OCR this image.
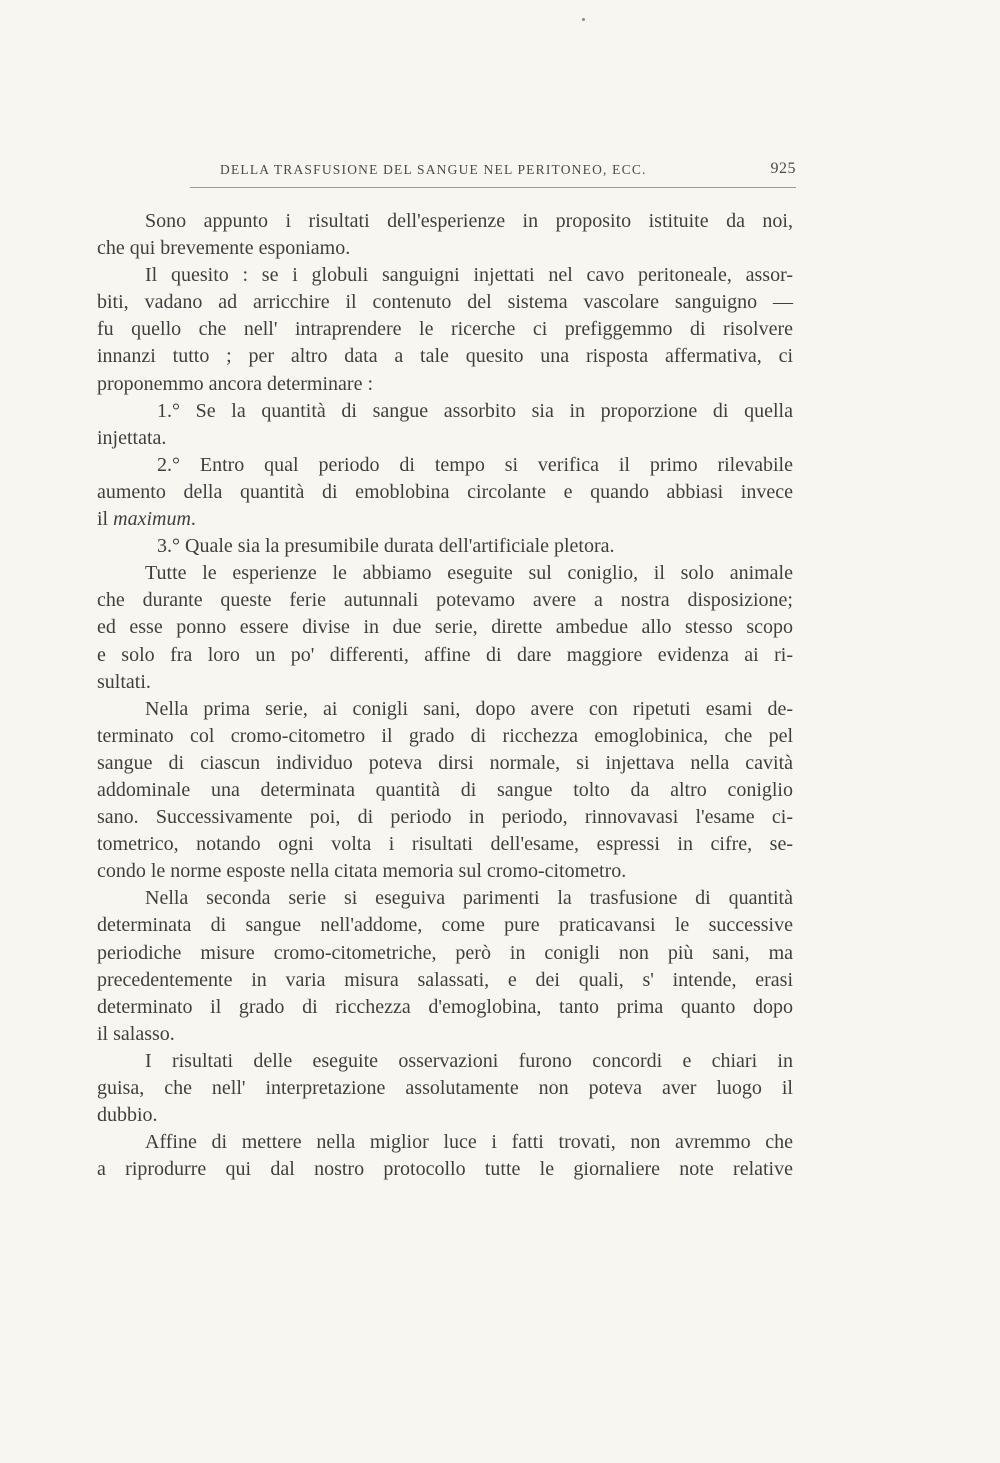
DELLA TRASFUSIONE DEL SANGUE NEL PERITONEO, ECC.	925
Sono appunto i risultati dell'esperienze in proposito istituite da noi,
che qui brevemente esponiamo.
Il quesito : se i globuli sanguigni injettati nel cavo peritoneale, assor-
biti, vadano ad arricchire il contenuto del sistema vascolare sanguigno —
fu quello che nell' intraprendere le ricerche ci prefiggemmo di risolvere
innanzi tutto ; per altro data a tale quesito una risposta affermativa, ci
proponemmo ancora determinare :
1.° Se la quantità di sangue assorbito sia in proporzione di quella
injettata.
2.° Entro qual periodo di tempo si verifica il primo rilevabile
aumento della quantità di emoblobina circolante e quando abbiasi invece
il maximum.
3.° Quale sia la presumibile durata dell'artificiale pletora.
Tutte le esperienze le abbiamo eseguite sul coniglio, il solo animale
che durante queste ferie autunnali potevamo avere a nostra disposizione;
ed esse ponno essere divise in due serie, dirette ambedue allo stesso scopo
e solo fra loro un po' differenti, affine di dare maggiore evidenza ai ri-
sultati.
Nella prima serie, ai conigli sani, dopo avere con ripetuti esami de-
terminato col cromo-citometro il grado di ricchezza emoglobinica, che pel
sangue di ciascun individuo poteva dirsi normale, si injettava nella cavità
addominale una determinata quantità di sangue tolto da altro coniglio
sano. Successivamente poi, di periodo in periodo, rinnovavasi l'esame ci-
tometrico, notando ogni volta i risultati dell'esame, espressi in cifre, se-
condo le norme esposte nella citata memoria sul cromo-citometro.
Nella seconda serie si eseguiva parimenti la trasfusione di quantità
determinata di sangue nell'addome, come pure praticavansi le successive
periodiche misure cromo-citometriche, però in conigli non più sani, ma
precedentemente in varia misura salassati, e dei quali, s' intende, erasi
determinato il grado di ricchezza d'emoglobina, tanto prima quanto dopo
il salasso.
I risultati delle eseguite osservazioni furono concordi e chiari in
guisa, che nell' interpretazione assolutamente non poteva aver luogo il
dubbio.
Affine di mettere nella miglior luce i fatti trovati, non avremmo che
a riprodurre qui dal nostro protocollo tutte le giornaliere note relative
